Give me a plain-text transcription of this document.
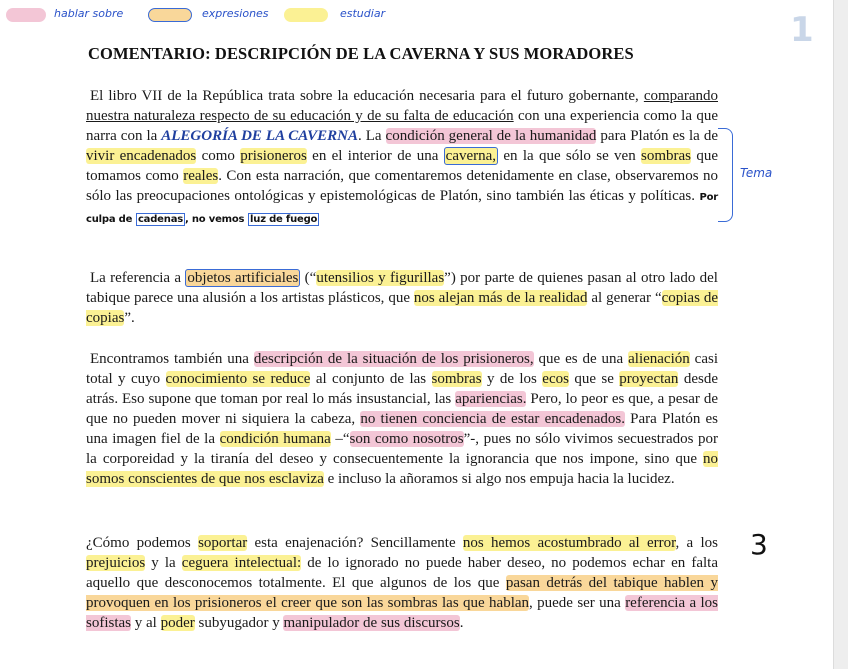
hablar sobre	expresiones	estudiar	1
3
COMENTARIO: DESCRIPCIÓN DE LA CAVERNA Y SUS MORADORES
El libro VII de la República trata sobre la educación necesaria para el futuro gobernante, comparando nuestra naturaleza respecto de su educación y de su falta de educación con una experiencia como la que narra con la ALEGORÍA DE LA CAVERNA. La condición general de la humanidad para Platón es la de vivir encadenados como prisioneros en el interior de una caverna, en la que sólo se ven sombras que tomamos como reales. Con esta narración, que comentaremos detenidamente en clase, observaremos no sólo las preocupaciones ontológicas y epistemológicas de Platón, sino también las éticas y políticas. Por culpa de cadenas , no vemos luz de fuego
Tema
La referencia a objetos artificiales (“utensilios y figurillas”) por parte de quienes pasan al otro lado del tabique parece una alusión a los artistas plásticos, que nos alejan más de la realidad al generar “copias de copias”.
Encontramos también una descripción de la situación de los prisioneros, que es de una alienación casi total y cuyo conocimiento se reduce al conjunto de las sombras y de los ecos que se proyectan desde atrás. Eso supone que toman por real lo más insustancial, las apariencias. Pero, lo peor es que, a pesar de que no pueden mover ni siquiera la cabeza, no tienen conciencia de estar encadenados. Para Platón es una imagen fiel de la condición humana –“son como nosotros”-, pues no sólo vivimos secuestrados por la corporeidad y la tiranía del deseo y consecuentemente la ignorancia que nos impone, sino que no somos conscientes de que nos esclaviza e incluso la añoramos si algo nos empuja hacia la lucidez.
¿Cómo podemos soportar esta enajenación? Sencillamente nos hemos acostumbrado al error, a los prejuicios y la ceguera intelectual: de lo ignorado no puede haber deseo, no podemos echar en falta aquello que desconocemos totalmente. El que algunos de los que pasan detrás del tabique hablen y provoquen en los prisioneros el creer que son las sombras las que hablan, puede ser una referencia a los sofistas y al poder subyugador y manipulador de sus discursos.
